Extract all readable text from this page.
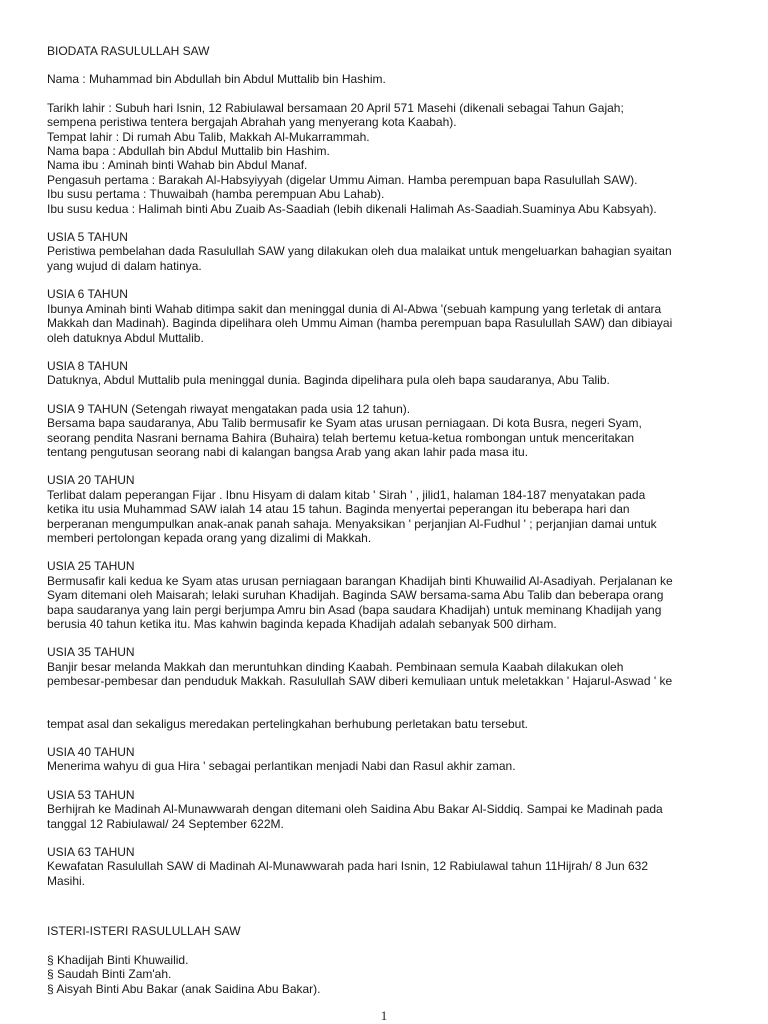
BIODATA RASULULLAH SAW

Nama : Muhammad bin Abdullah bin Abdul Muttalib bin Hashim.

Tarikh lahir : Subuh hari Isnin, 12 Rabiulawal bersamaan 20 April 571 Masehi (dikenali sebagai Tahun Gajah;

sempena peristiwa tentera bergajah Abrahah yang menyerang kota Kaabah).

Tempat lahir : Di rumah Abu Talib, Makkah Al-Mukarrammah.

Nama bapa : Abdullah bin Abdul Muttalib bin Hashim.

Nama ibu : Aminah binti Wahab bin Abdul Manaf.

Pengasuh pertama : Barakah Al-Habsyiyyah (digelar Ummu Aiman. Hamba perempuan bapa Rasulullah SAW).

Ibu susu pertama : Thuwaibah (hamba perempuan Abu Lahab).

Ibu susu kedua : Halimah binti Abu Zuaib As-Saadiah (lebih dikenali Halimah As-Saadiah.Suaminya Abu Kabsyah).

USIA 5 TAHUN

Peristiwa pembelahan dada Rasulullah SAW yang dilakukan oleh dua malaikat untuk mengeluarkan bahagian syaitan

yang wujud di dalam hatinya.

USIA 6 TAHUN

Ibunya Aminah binti Wahab ditimpa sakit dan meninggal dunia di Al-Abwa '(sebuah kampung yang terletak di antara

Makkah dan Madinah). Baginda dipelihara oleh Ummu Aiman (hamba perempuan bapa Rasulullah SAW) dan dibiayai

oleh datuknya Abdul Muttalib.

USIA 8 TAHUN

Datuknya, Abdul Muttalib pula meninggal dunia. Baginda dipelihara pula oleh bapa saudaranya, Abu Talib.

USIA 9 TAHUN (Setengah riwayat mengatakan pada usia 12 tahun).

Bersama bapa saudaranya, Abu Talib bermusafir ke Syam atas urusan perniagaan. Di kota Busra, negeri Syam,

seorang pendita Nasrani bernama Bahira (Buhaira) telah bertemu ketua-ketua rombongan untuk menceritakan

tentang pengutusan seorang nabi di kalangan bangsa Arab yang akan lahir pada masa itu.

USIA 20 TAHUN

Terlibat dalam peperangan Fijar . Ibnu Hisyam di dalam kitab ' Sirah ' , jilid1, halaman 184-187 menyatakan pada

ketika itu usia Muhammad SAW ialah 14 atau 15 tahun. Baginda menyertai peperangan itu beberapa hari dan

berperanan mengumpulkan anak-anak panah sahaja. Menyaksikan ' perjanjian Al-Fudhul ' ; perjanjian damai untuk

memberi pertolongan kepada orang yang dizalimi di Makkah.

USIA 25 TAHUN

Bermusafir kali kedua ke Syam atas urusan perniagaan barangan Khadijah binti Khuwailid Al-Asadiyah. Perjalanan ke

Syam ditemani oleh Maisarah; lelaki suruhan Khadijah. Baginda SAW bersama-sama Abu Talib dan beberapa orang

bapa saudaranya yang lain pergi berjumpa Amru bin Asad (bapa saudara Khadijah) untuk meminang Khadijah yang

berusia 40 tahun ketika itu. Mas kahwin baginda kepada Khadijah adalah sebanyak 500 dirham.

USIA 35 TAHUN

Banjir besar melanda Makkah dan meruntuhkan dinding Kaabah. Pembinaan semula Kaabah dilakukan oleh

pembesar-pembesar dan penduduk Makkah. Rasulullah SAW diberi kemuliaan untuk meletakkan ' Hajarul-Aswad ' ke

tempat asal dan sekaligus meredakan pertelingkahan berhubung perletakan batu tersebut.

USIA 40 TAHUN

Menerima wahyu di gua Hira ' sebagai perlantikan menjadi Nabi dan Rasul akhir zaman.

USIA 53 TAHUN

Berhijrah ke Madinah Al-Munawwarah dengan ditemani oleh Saidina Abu Bakar Al-Siddiq. Sampai ke Madinah pada

tanggal 12 Rabiulawal/ 24 September 622M.

USIA 63 TAHUN

Kewafatan Rasulullah SAW di Madinah Al-Munawwarah pada hari Isnin, 12 Rabiulawal tahun 11Hijrah/ 8 Jun 632

Masihi.

ISTERI-ISTERI RASULULLAH SAW

§ Khadijah Binti Khuwailid.

§ Saudah Binti Zam'ah.

§ Aisyah Binti Abu Bakar (anak Saidina Abu Bakar).

1
